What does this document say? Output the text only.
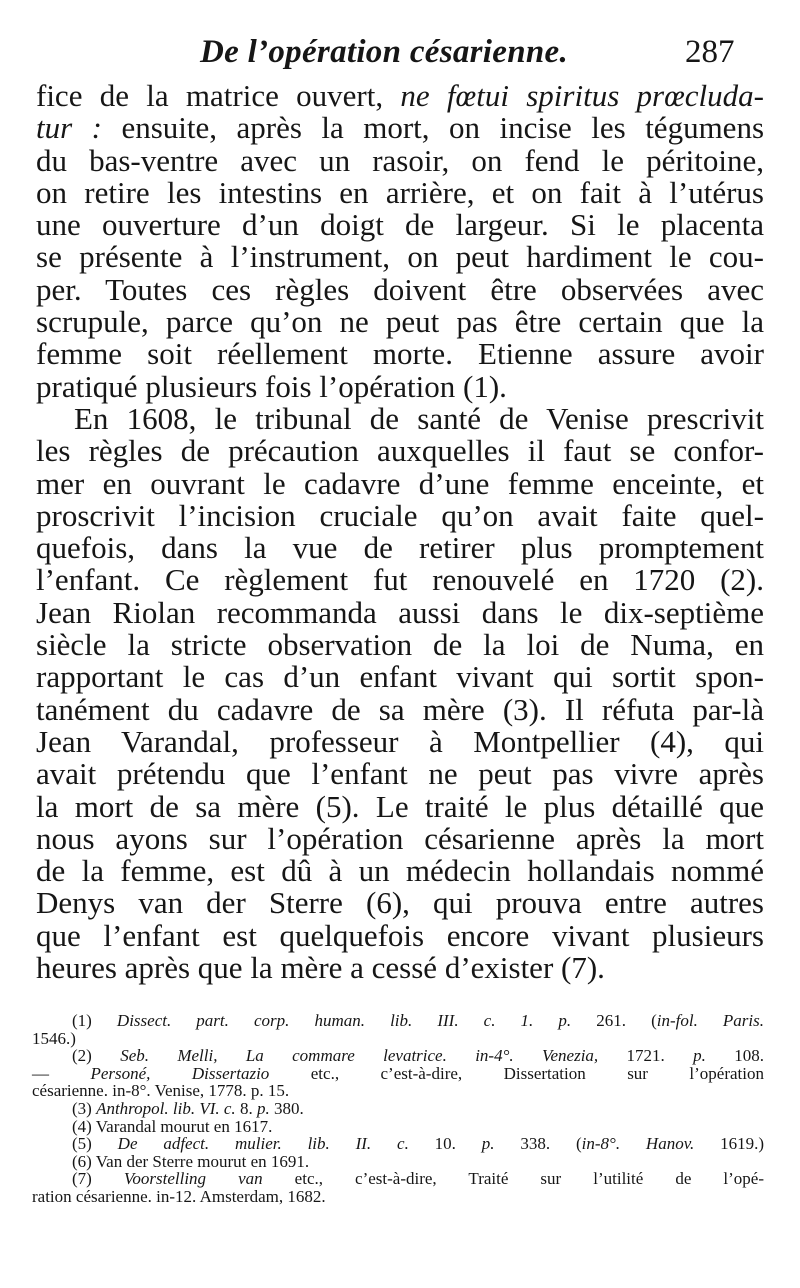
De l’opération césarienne.	287
fice de la matrice ouvert, ne fœtui spiritus prœcluda-
tur : ensuite, après la mort, on incise les tégumens
du bas-ventre avec un rasoir, on fend le péritoine,
on retire les intestins en arrière, et on fait à l’utérus
une ouverture d’un doigt de largeur. Si le placenta
se présente à l’instrument, on peut hardiment le cou-
per. Toutes ces règles doivent être observées avec
scrupule, parce qu’on ne peut pas être certain que la
femme soit réellement morte. Etienne assure avoir
pratiqué plusieurs fois l’opération (1).
En 1608, le tribunal de santé de Venise prescrivit
les règles de précaution auxquelles il faut se confor-
mer en ouvrant le cadavre d’une femme enceinte, et
proscrivit l’incision cruciale qu’on avait faite quel-
quefois, dans la vue de retirer plus promptement
l’enfant. Ce règlement fut renouvelé en 1720 (2).
Jean Riolan recommanda aussi dans le dix-septième
siècle la stricte observation de la loi de Numa, en
rapportant le cas d’un enfant vivant qui sortit spon-
tanément du cadavre de sa mère (3). Il réfuta par-là
Jean Varandal, professeur à Montpellier (4), qui
avait prétendu que l’enfant ne peut pas vivre après
la mort de sa mère (5). Le traité le plus détaillé que
nous ayons sur l’opération césarienne après la mort
de la femme, est dû à un médecin hollandais nommé
Denys van der Sterre (6), qui prouva entre autres
que l’enfant est quelquefois encore vivant plusieurs
heures après que la mère a cessé d’exister (7).
(1) Dissect. part. corp. human. lib. III. c. 1. p. 261. (in-fol. Paris.
1546.)
(2) Seb. Melli, La commare levatrice. in-4°. Venezia, 1721. p. 108.
— Personé, Dissertazio etc., c’est-à-dire, Dissertation sur l’opération
césarienne. in-8°. Venise, 1778. p. 15.
(3) Anthropol. lib. VI. c. 8. p. 380.
(4) Varandal mourut en 1617.
(5) De adfect. mulier. lib. II. c. 10. p. 338. (in-8°. Hanov. 1619.)
(6) Van der Sterre mourut en 1691.
(7) Voorstelling van etc., c’est-à-dire, Traité sur l’utilité de l’opé-
ration césarienne. in-12. Amsterdam, 1682.
